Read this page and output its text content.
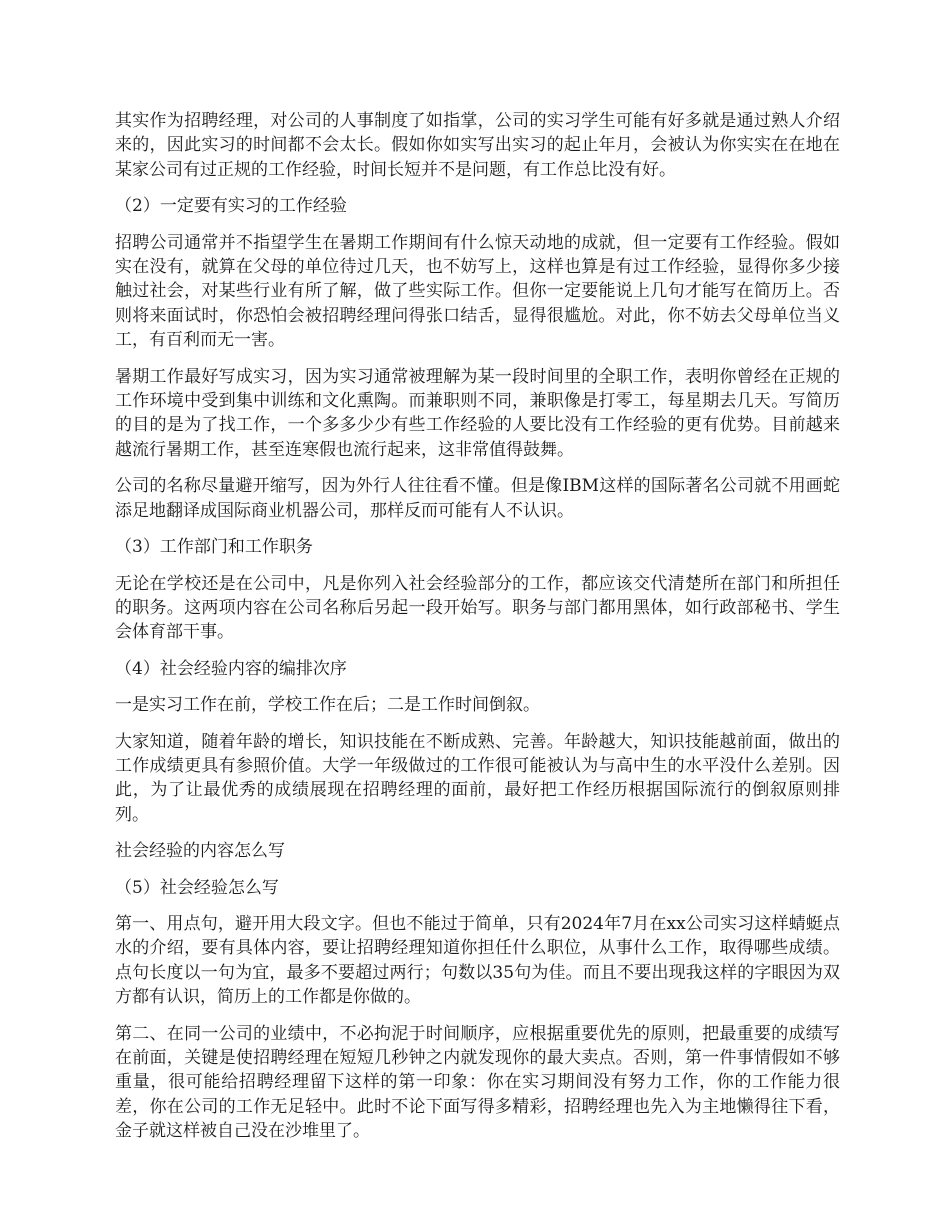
其实作为招聘经理，对公司的人事制度了如指掌，公司的实习学生可能有好多就是通过熟人介绍来的，因此实习的时间都不会太长。假如你如实写出实习的起止年月，会被认为你实实在在地在某家公司有过正规的工作经验，时间长短并不是问题，有工作总比没有好。

（2）一定要有实习的工作经验

招聘公司通常并不指望学生在暑期工作期间有什么惊天动地的成就，但一定要有工作经验。假如实在没有，就算在父母的单位待过几天，也不妨写上，这样也算是有过工作经验，显得你多少接触过社会，对某些行业有所了解，做了些实际工作。但你一定要能说上几句才能写在简历上。否则将来面试时，你恐怕会被招聘经理问得张口结舌，显得很尴尬。对此，你不妨去父母单位当义工，有百利而无一害。

暑期工作最好写成实习，因为实习通常被理解为某一段时间里的全职工作，表明你曾经在正规的工作环境中受到集中训练和文化熏陶。而兼职则不同，兼职像是打零工，每星期去几天。写简历的目的是为了找工作，一个多多少少有些工作经验的人要比没有工作经验的更有优势。目前越来越流行暑期工作，甚至连寒假也流行起来，这非常值得鼓舞。

公司的名称尽量避开缩写，因为外行人往往看不懂。但是像IBM这样的国际著名公司就不用画蛇添足地翻译成国际商业机器公司，那样反而可能有人不认识。

（3）工作部门和工作职务

无论在学校还是在公司中，凡是你列入社会经验部分的工作，都应该交代清楚所在部门和所担任的职务。这两项内容在公司名称后另起一段开始写。职务与部门都用黑体，如行政部秘书、学生会体育部干事。

（4）社会经验内容的编排次序

一是实习工作在前，学校工作在后；二是工作时间倒叙。

大家知道，随着年龄的增长，知识技能在不断成熟、完善。年龄越大，知识技能越前面，做出的工作成绩更具有参照价值。大学一年级做过的工作很可能被认为与高中生的水平没什么差别。因此，为了让最优秀的成绩展现在招聘经理的面前，最好把工作经历根据国际流行的倒叙原则排列。

社会经验的内容怎么写

（5）社会经验怎么写

第一、用点句，避开用大段文字。但也不能过于简单，只有2024年7月在xx公司实习这样蜻蜓点水的介绍，要有具体内容，要让招聘经理知道你担任什么职位，从事什么工作，取得哪些成绩。点句长度以一句为宜，最多不要超过两行；句数以35句为佳。而且不要出现我这样的字眼因为双方都有认识，简历上的工作都是你做的。

第二、在同一公司的业绩中，不必拘泥于时间顺序，应根据重要优先的原则，把最重要的成绩写在前面，关键是使招聘经理在短短几秒钟之内就发现你的最大卖点。否则，第一件事情假如不够重量，很可能给招聘经理留下这样的第一印象：你在实习期间没有努力工作，你的工作能力很差，你在公司的工作无足轻中。此时不论下面写得多精彩，招聘经理也先入为主地懒得往下看，金子就这样被自己没在沙堆里了。
